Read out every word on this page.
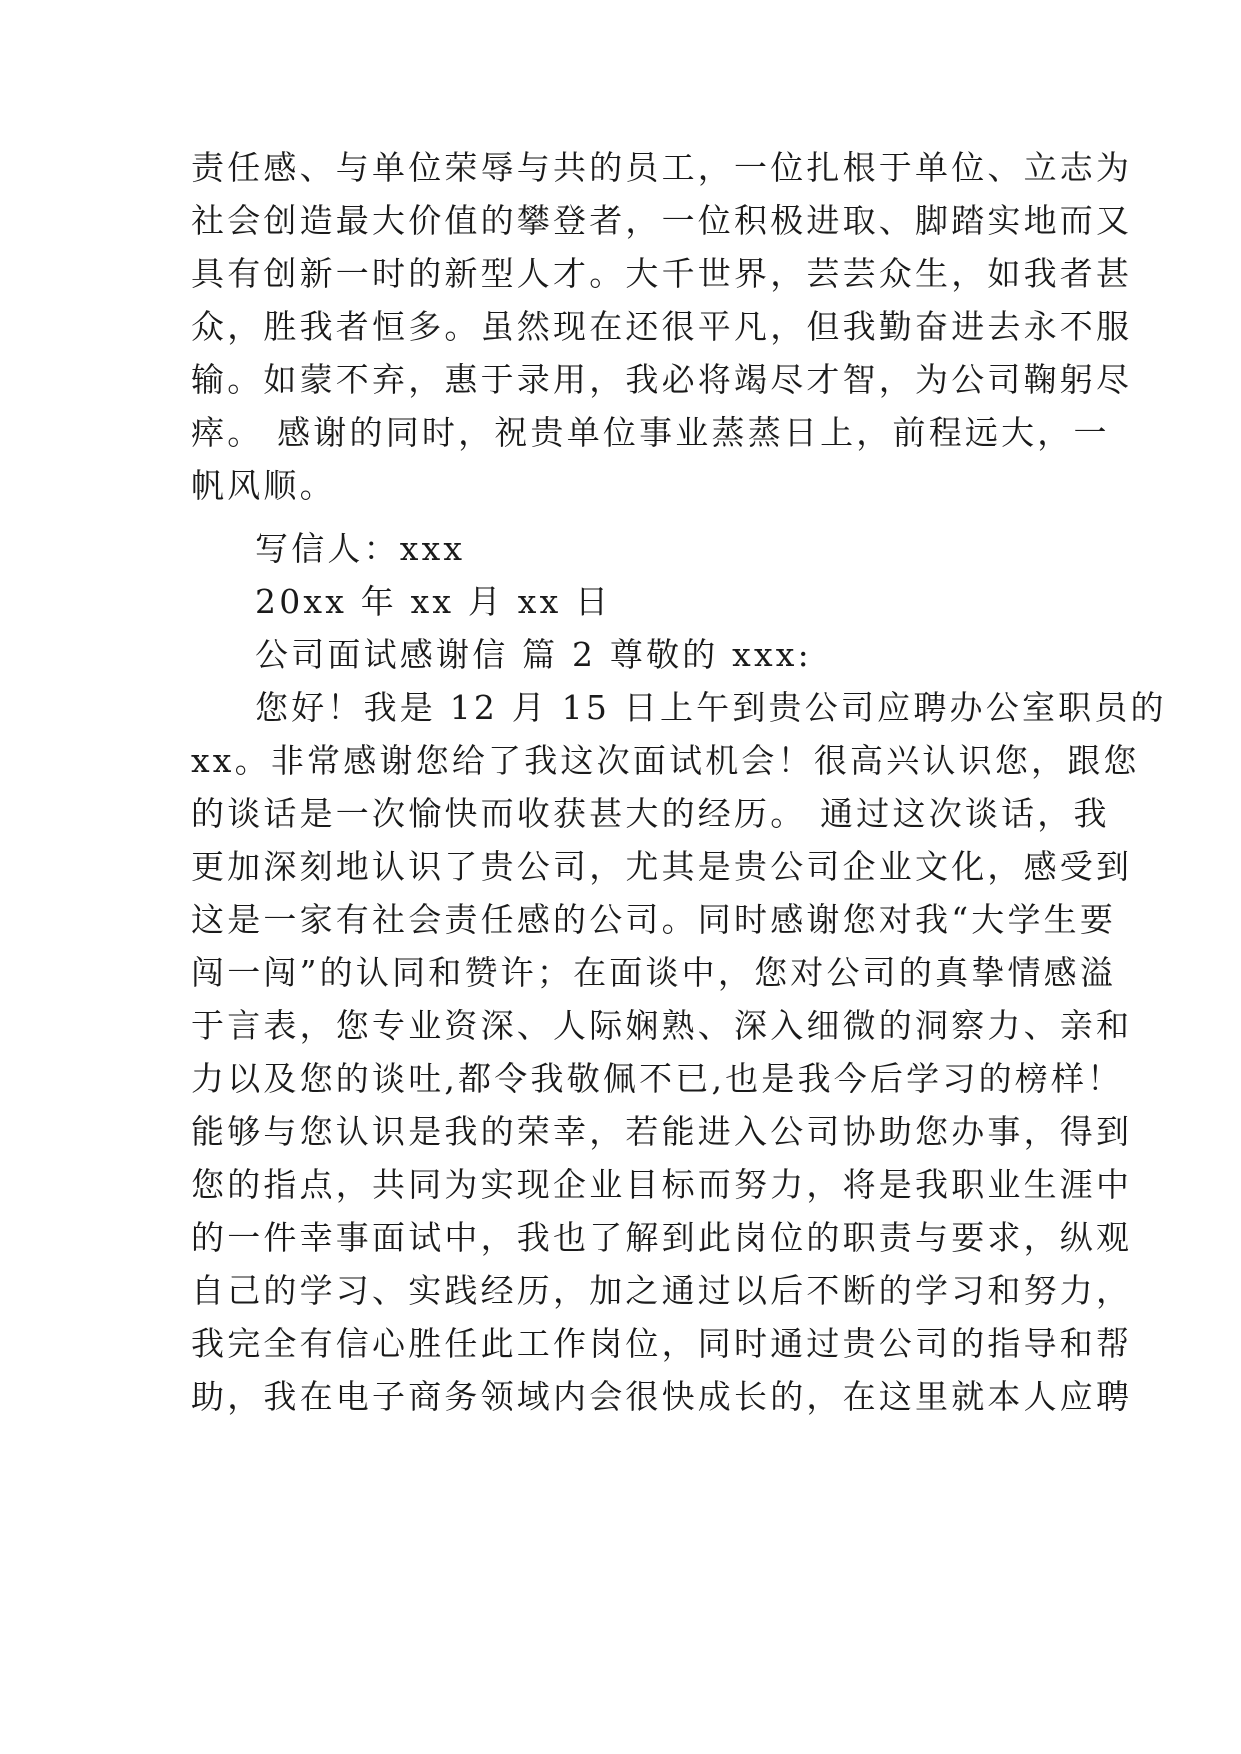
责任感、与单位荣辱与共的员工，一位扎根于单位、立志为
社会创造最大价值的攀登者，一位积极进取、脚踏实地而又
具有创新一时的新型人才。大千世界，芸芸众生，如我者甚
众，胜我者恒多。虽然现在还很平凡，但我勤奋进去永不服
输。如蒙不弃，惠于录用，我必将竭尽才智，为公司鞠躬尽
瘁。 感谢的同时，祝贵单位事业蒸蒸日上，前程远大，一
帆风顺。
写信人：xxx
20xx 年 xx 月 xx 日
公司面试感谢信 篇 2 尊敬的 xxx:
您好！我是 12 月 15 日上午到贵公司应聘办公室职员的
xx。非常感谢您给了我这次面试机会！很高兴认识您，跟您
的谈话是一次愉快而收获甚大的经历。 通过这次谈话，我
更加深刻地认识了贵公司，尤其是贵公司企业文化，感受到
这是一家有社会责任感的公司。同时感谢您对我“大学生要
闯一闯”的认同和赞许；在面谈中，您对公司的真挚情感溢
于言表，您专业资深、人际娴熟、深入细微的洞察力、亲和
力以及您的谈吐,都令我敬佩不已,也是我今后学习的榜样！
能够与您认识是我的荣幸，若能进入公司协助您办事，得到
您的指点，共同为实现企业目标而努力，将是我职业生涯中
的一件幸事面试中，我也了解到此岗位的职责与要求，纵观
自己的学习、实践经历，加之通过以后不断的学习和努力，
我完全有信心胜任此工作岗位，同时通过贵公司的指导和帮
助，我在电子商务领域内会很快成长的，在这里就本人应聘
